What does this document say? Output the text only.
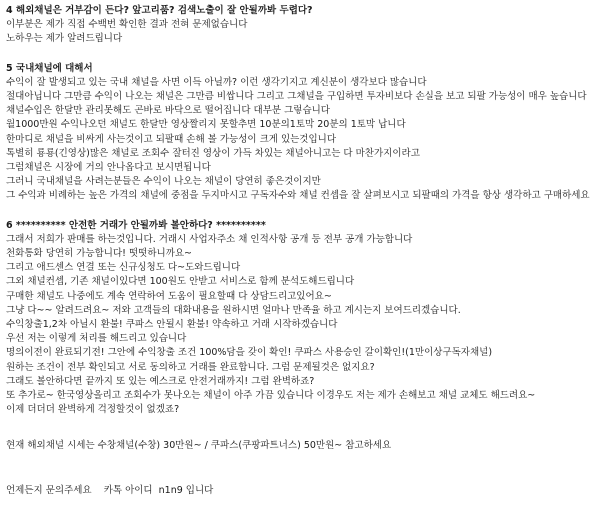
4 해외채널은 거부감이 든다? 앞고리품? 검색노출이 잘 안될까봐 두렵다?
이부분은 제가 직접 수백번 확인한 결과 전혀 문제없습니다
노하우는 제가 알려드립니다
5 국내채널에 대해서
수익이 잘 발생되고 있는 국내 채널을 사면 이득 아닐까? 이런 생각기지고 계신분이 생각보다 많습니다
절대아닙니다 그만큼 수익이 나오는 채널은 그만큼 비쌉니다 그리고 그채널을 구입하면 투자비보다 손실을 보고 되팔 가능성이 매우 높습니다
채널수입은 한달만 관리못해도 곤바로 바닥으로 떨어집니다 대부분 그렇습니다
월1000만원 수익나오던 채널도 한달만 영상짤리지 못할추면 10분의1토막 20분의 1토막 납니다
한마디로 채널을 비싸게 사는것이고 되팔때 손해 볼 가능성이 크게 있는것입니다
톡별히 룡룡(긴영상)많은 채널로 조회수 잘터진 영상이 가득 차있는 채널아니고는 다 마찬가지이라고
그럼채널은 시장에 거의 안나옵다고 보시면됩니다
그러니 국내채널을 사려는분들은 수익이 나오는 채널이 당연히 좋은것이지만
그 수익과 비례하는 높은 가격의 채널에 중점을 두지마시고 구독자수와 채널 컨셉을 잘 살펴보시고 되팔때의 가격을 항상 생각하고 구매하세요
6 ********** 안전한 거래가 안될까봐 볼안하다? **********
그래서 저희가 판매를 하는것입니다. 거래시 사업자주소 채 인적사항 공개 등 전부 공개 가능합니다
천화통화 당연히 가능합니다! 떳떳하니까요~
그리고 애드센스 연결 또는 신규싱청도 다~도와드립니다
그외 채널컨셉, 기존 채널이있다면 100원도 안받고 서비스로 함께 분석도해드립니다
구매한 채널도 나중에도 계속 연락하여 도움이 필요할때 다 상담드리고있어요~
그냥 다~~ 알려드려요~ 저와 고객들의 대화내용을 원하시면 얼마나 만족율 하고 계시는지 보여드리겠습니다.
수익창출1,2차 아닐시 환불! 쿠파스 안될시 환불! 약속하고 거래 시작하겠습니다
우선 저는 이렇게 처리를 해드리고 있습니다
명의이전이 완료되기전! 그안에 수익창출 조건 100%담을 갖이 확인! 쿠파스 사용승인 갈이확인!(1만이상구독자채널)
원하는 조건이 전부 확인되고 서로 동의하고 거래를 완료합니다. 그럼 문제될것은 없지요?
그래도 볼안하다면 끝까지 또 있는 예스크로 안전거래까지! 그럼 완벽하죠?
또 추가로~ 한국영상올리고 조회수가 못나오는 채널이 아주 가끔 있습니다 이경우도 저는 제가 손해보고 채널 교체도 해드려요~
이제 더더더 완벽하게 걱정할것이 없겠죠?
현재 해외채널 시세는 수창채널(수창) 30만원~ / 쿠파스(쿠팡파트너스) 50만원~ 참고하세요
언제든지 문의주세요    카톡 아이디  n1n9 입니다
